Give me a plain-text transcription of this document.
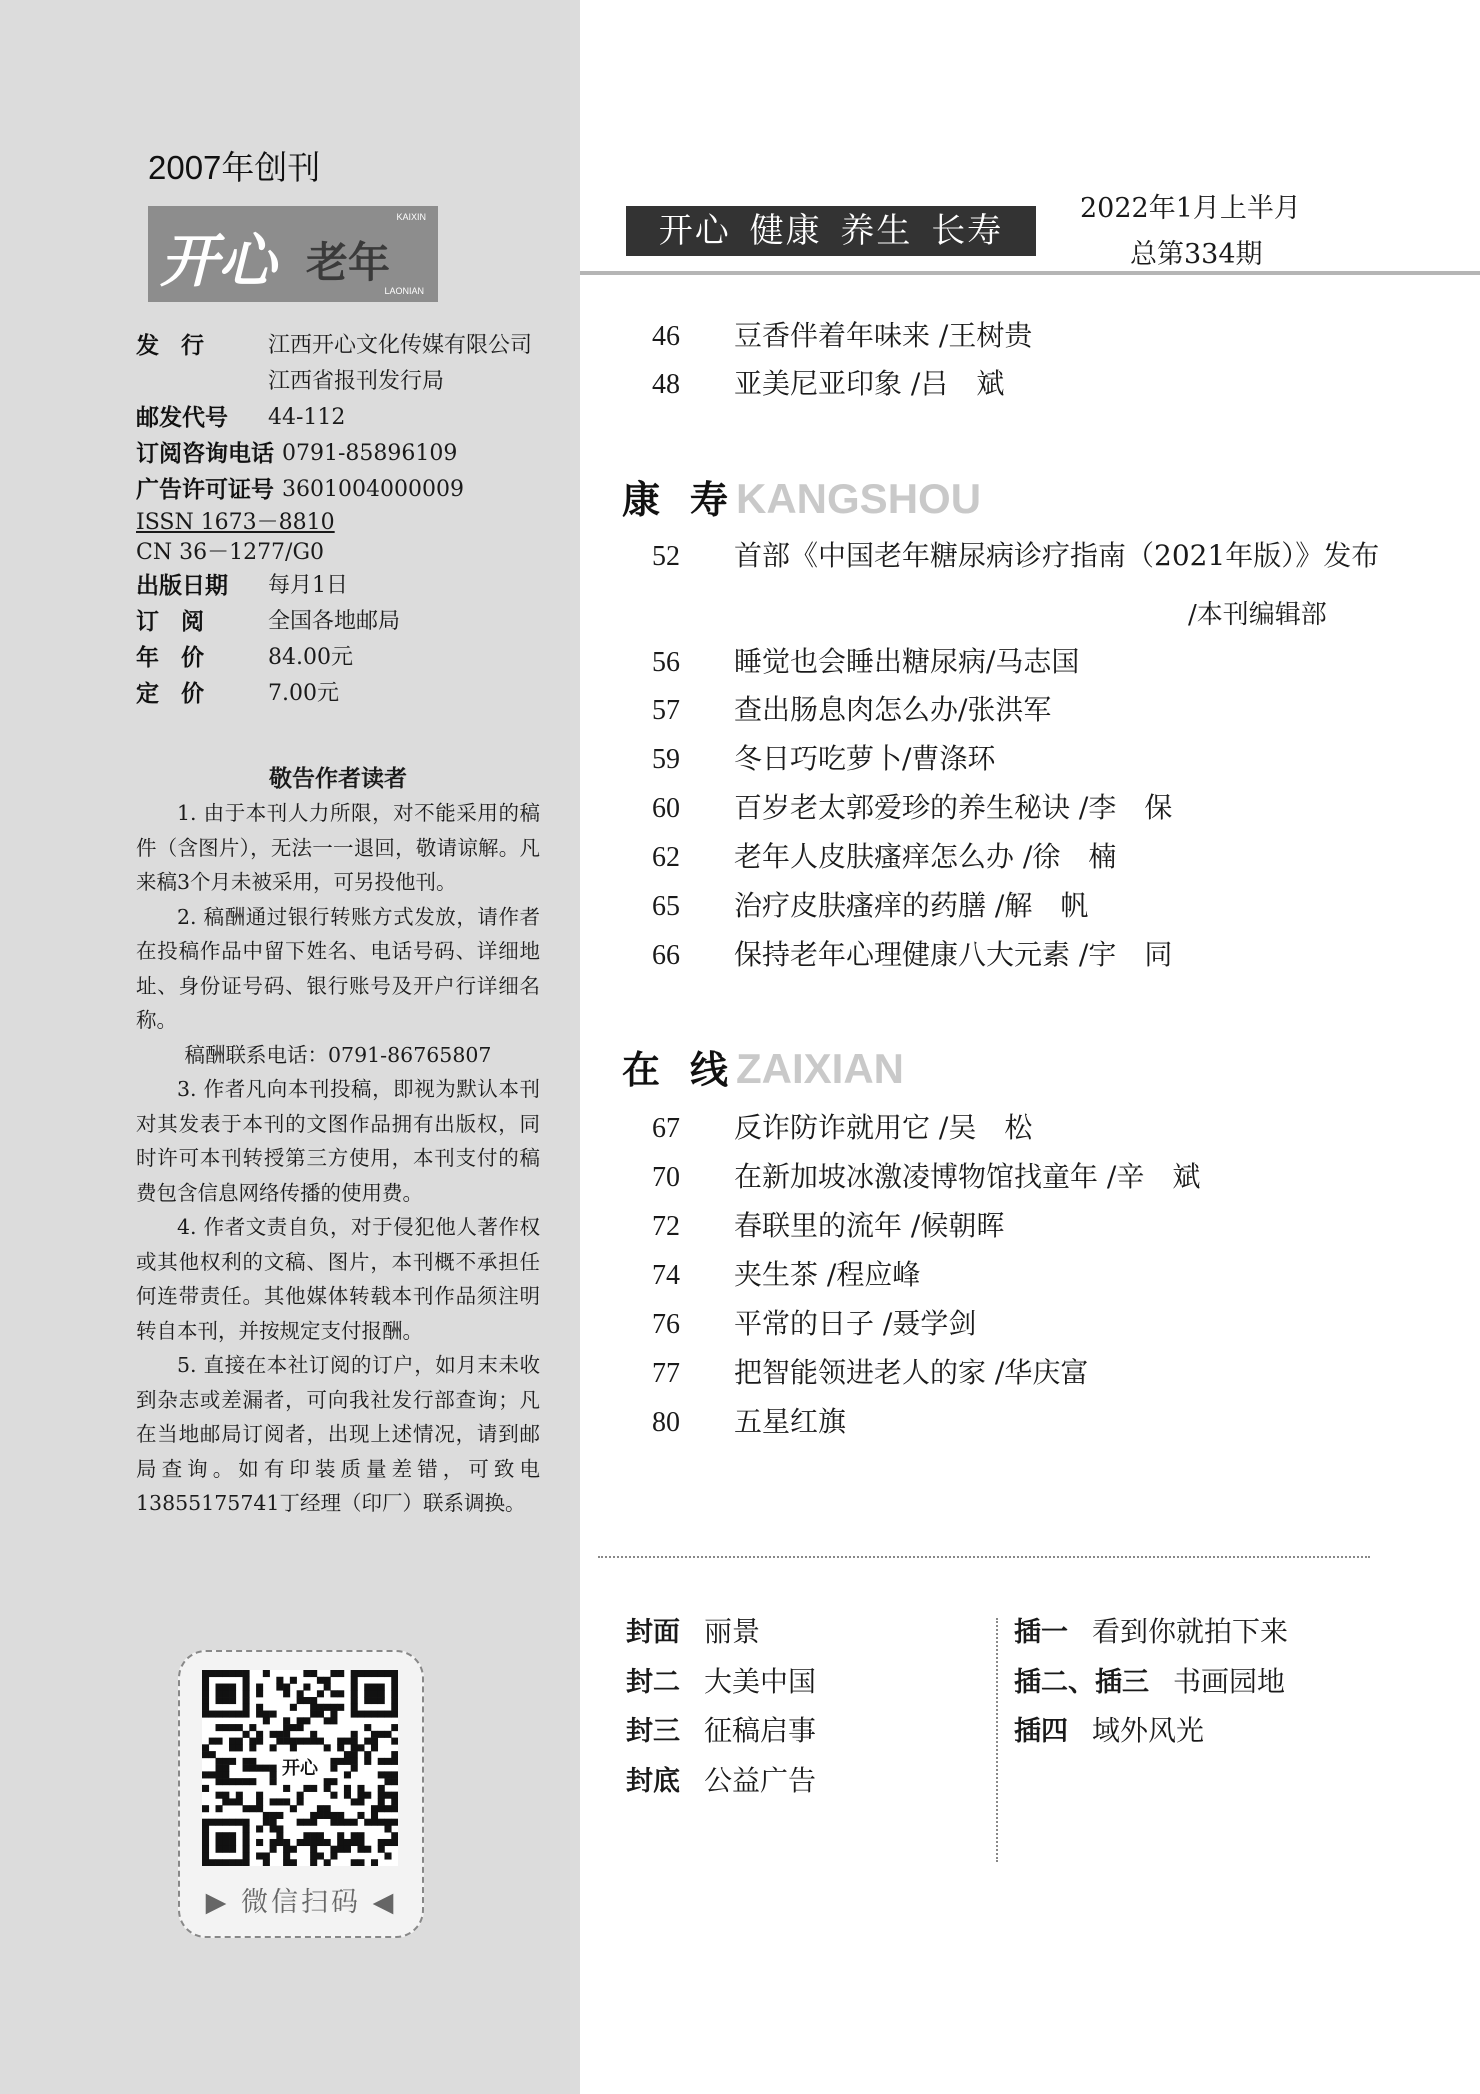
2007年创刊
开心 老年
KAIXIN
LAONIAN
发行	江西开心文化传媒有限公司
江西省报刊发行局
邮发代号	44-112
订阅咨询电话 0791-85896109
广告许可证号 3601004000009
ISSN 1673－8810
CN 36－1277/G0
出版日期	每月1日
订阅	全国各地邮局
年价	84.00元
定价	7.00元
敬告作者读者

1. 由于本刊人力所限，对不能采用的稿件（含图片），无法一一退回，敬请谅解。凡来稿3个月未被采用，可另投他刊。

2. 稿酬通过银行转账方式发放，请作者在投稿作品中留下姓名、电话号码、详细地址、身份证号码、银行账号及开户行详细名称。

稿酬联系电话：0791-86765807

3. 作者凡向本刊投稿，即视为默认本刊对其发表于本刊的文图作品拥有出版权，同时许可本刊转授第三方使用，本刊支付的稿费包含信息网络传播的使用费。

4. 作者文责自负，对于侵犯他人著作权或其他权利的文稿、图片，本刊概不承担任何连带责任。其他媒体转载本刊作品须注明转自本刊，并按规定支付报酬。

5. 直接在本社订阅的订户，如月末未收到杂志或差漏者，可向我社发行部查询；凡在当地邮局订阅者，出现上述情况，请到邮局查询。如有印装质量差错，可致电13855175741丁经理（印厂）联系调换。

开心
▶ 微信扫码 ◀
开心 健康 养生 长寿
2022年1月上半月
总第334期
46 豆香伴着年味来 /王树贵
48 亚美尼亚印象 /吕　斌
康寿KANGSHOU
52 首部《中国老年糖尿病诊疗指南（2021年版）》发布
/本刊编辑部
56 睡觉也会睡出糖尿病/马志国
57 查出肠息肉怎么办/张洪军
59 冬日巧吃萝卜/曹涤环
60 百岁老太郭爱珍的养生秘诀 /李　保
62 老年人皮肤瘙痒怎么办 /徐　楠
65 治疗皮肤瘙痒的药膳 /解　帆
66 保持老年心理健康八大元素 /宇　同
在线ZAIXIAN
67 反诈防诈就用它 /吴　松
70 在新加坡冰激凌博物馆找童年 /辛　斌
72 春联里的流年 /候朝晖
74 夹生茶 /程应峰
76 平常的日子 /聂学剑
77 把智能领进老人的家 /华庆富
80 五星红旗
封面 丽景
封二 大美中国
封三 征稿启事
封底 公益广告
插一 看到你就拍下来
插二、插三 书画园地
插四 域外风光
